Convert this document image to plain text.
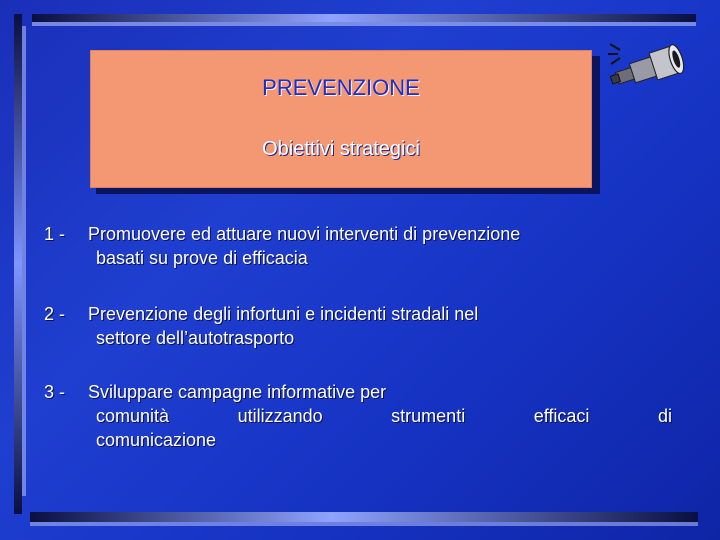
PREVENZIONE
Obiettivi strategici
1 - Promuovere ed attuare nuovi interventi di prevenzione
basati su prove di efficacia
2 - Prevenzione degli infortuni e incidenti stradali nel
settore dell’autotrasporto
3 - Sviluppare campagne informative per
comunità	utilizzando	strumenti	efficaci	di
comunicazione
